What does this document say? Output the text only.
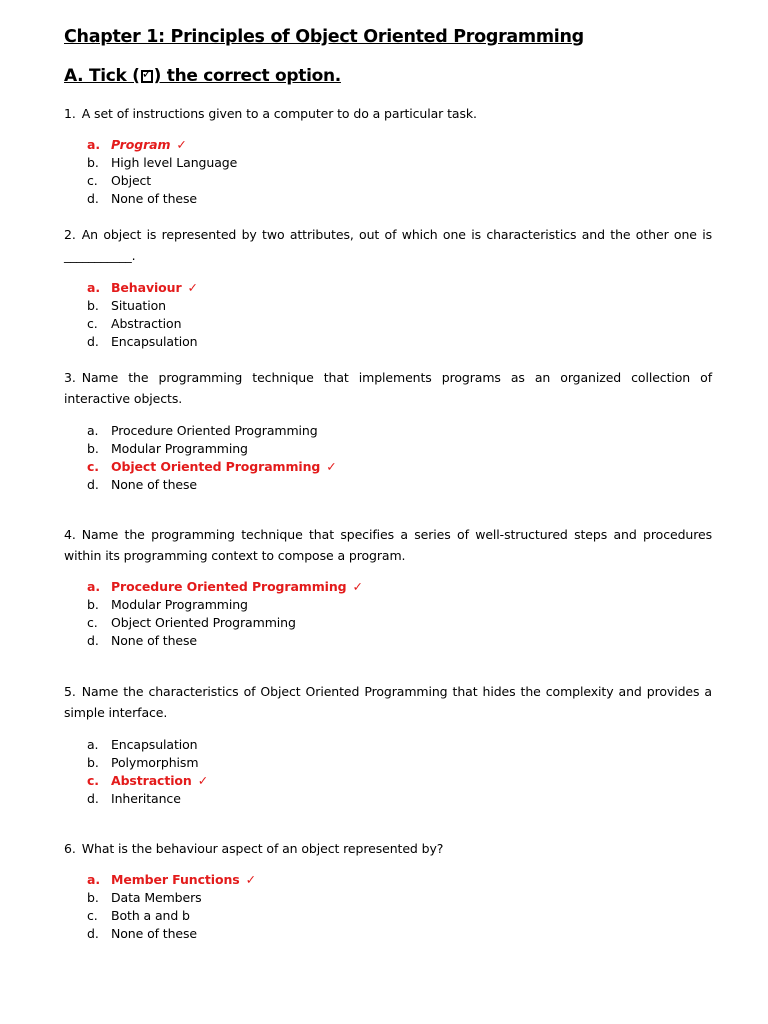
Chapter 1: Principles of Object Oriented Programming
A. Tick (✓ ) the correct option.
1. A set of instructions given to a computer to do a particular task.
a. Program ✓
b. High level Language
c. Object
d. None of these
2. An object is represented by two attributes, out of which one is characteristics and the other one is ___________.
a. Behaviour ✓
b. Situation
c. Abstraction
d. Encapsulation
3. Name the programming technique that implements programs as an organized collection of interactive objects.
a. Procedure Oriented Programming
b. Modular Programming
c. Object Oriented Programming ✓
d. None of these
4. Name the programming technique that specifies a series of well-structured steps and procedures within its programming context to compose a program.
a. Procedure Oriented Programming ✓
b. Modular Programming
c. Object Oriented Programming
d. None of these
5. Name the characteristics of Object Oriented Programming that hides the complexity and provides a simple interface.
a. Encapsulation
b. Polymorphism
c. Abstraction ✓
d. Inheritance
6. What is the behaviour aspect of an object represented by?
a. Member Functions ✓
b. Data Members
c. Both a and b
d. None of these
